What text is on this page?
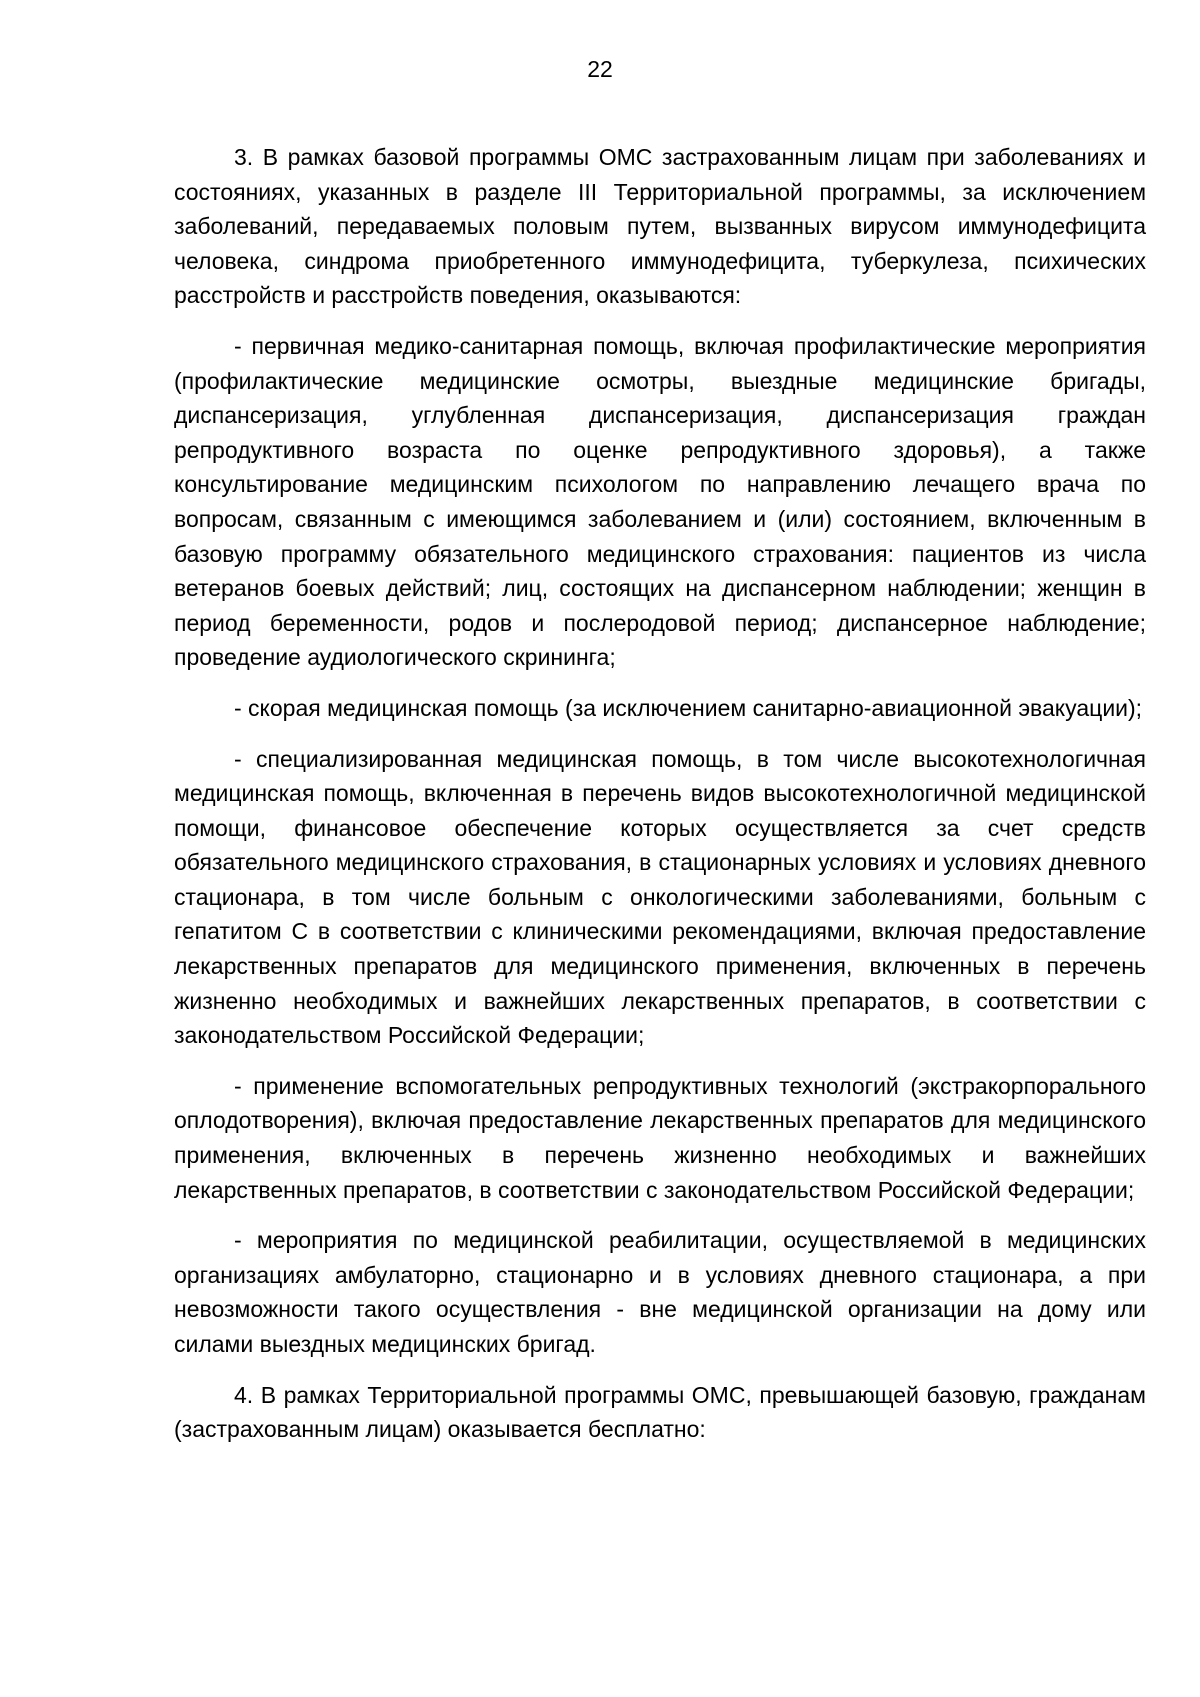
22

3. В рамках базовой программы ОМС застрахованным лицам при заболеваниях и состояниях, указанных в разделе III Территориальной программы, за исключением заболеваний, передаваемых половым путем, вызванных вирусом иммунодефицита человека, синдрома приобретенного иммунодефицита, туберкулеза, психических расстройств и расстройств поведения, оказываются:

- первичная медико-санитарная помощь, включая профилактические мероприятия (профилактические медицинские осмотры, выездные медицинские бригады, диспансеризация, углубленная диспансеризация, диспансеризация граждан репродуктивного возраста по оценке репродуктивного здоровья), а также консультирование медицинским психологом по направлению лечащего врача по вопросам, связанным с имеющимся заболеванием и (или) состоянием, включенным в базовую программу обязательного медицинского страхования: пациентов из числа ветеранов боевых действий; лиц, состоящих на диспансерном наблюдении; женщин в период беременности, родов и послеродовой период; диспансерное наблюдение; проведение аудиологического скрининга;

- скорая медицинская помощь (за исключением санитарно-авиационной эвакуации);

- специализированная медицинская помощь, в том числе высокотехнологичная медицинская помощь, включенная в перечень видов высокотехнологичной медицинской помощи, финансовое обеспечение которых осуществляется за счет средств обязательного медицинского страхования, в стационарных условиях и условиях дневного стационара, в том числе больным с онкологическими заболеваниями, больным с гепатитом С в соответствии с клиническими рекомендациями, включая предоставление лекарственных препаратов для медицинского применения, включенных в перечень жизненно необходимых и важнейших лекарственных препаратов, в соответствии с законодательством Российской Федерации;

- применение вспомогательных репродуктивных технологий (экстракорпорального оплодотворения), включая предоставление лекарственных препаратов для медицинского применения, включенных в перечень жизненно необходимых и важнейших лекарственных препаратов, в соответствии с законодательством Российской Федерации;

- мероприятия по медицинской реабилитации, осуществляемой в медицинских организациях амбулаторно, стационарно и в условиях дневного стационара, а при невозможности такого осуществления - вне медицинской организации на дому или силами выездных медицинских бригад.

4. В рамках Территориальной программы ОМС, превышающей базовую, гражданам (застрахованным лицам) оказывается бесплатно:
